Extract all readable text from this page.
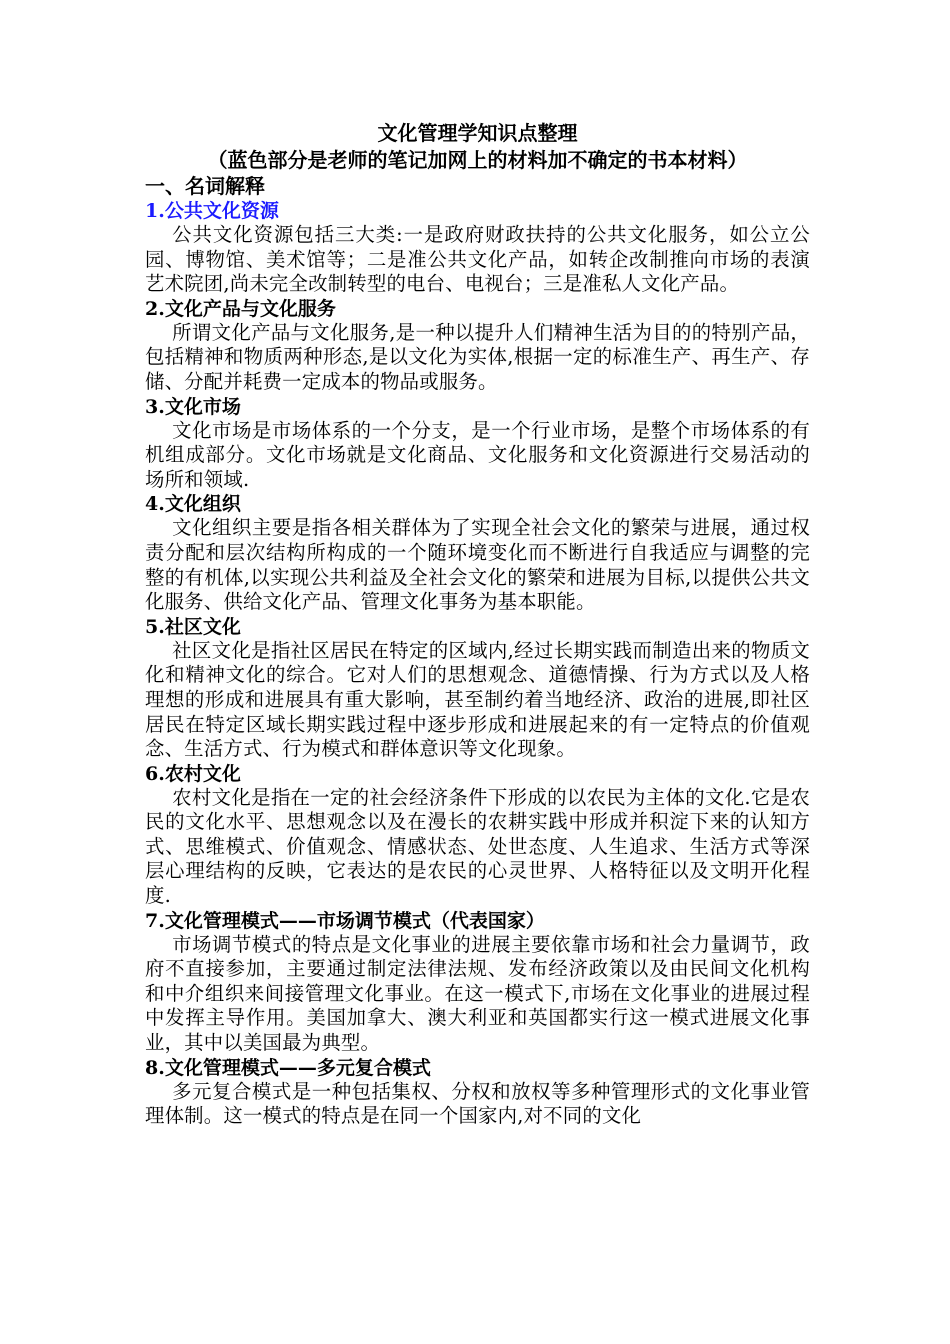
文化管理学知识点整理

（蓝色部分是老师的笔记加网上的材料加不确定的书本材料）

一、名词解释

1.公共文化资源

公共文化资源包括三大类:一是政府财政扶持的公共文化服务，如公立公园、博物馆、美术馆等；二是准公共文化产品，如转企改制推向市场的表演艺术院团,尚未完全改制转型的电台、电视台；三是准私人文化产品。

2.文化产品与文化服务

所谓文化产品与文化服务,是一种以提升人们精神生活为目的的特别产品，包括精神和物质两种形态,是以文化为实体,根据一定的标准生产、再生产、存储、分配并耗费一定成本的物品或服务。

3.文化市场

文化市场是市场体系的一个分支，是一个行业市场，是整个市场体系的有机组成部分。文化市场就是文化商品、文化服务和文化资源进行交易活动的场所和领域.

4.文化组织

文化组织主要是指各相关群体为了实现全社会文化的繁荣与进展，通过权责分配和层次结构所构成的一个随环境变化而不断进行自我适应与调整的完整的有机体,以实现公共利益及全社会文化的繁荣和进展为目标,以提供公共文化服务、供给文化产品、管理文化事务为基本职能。

5.社区文化

社区文化是指社区居民在特定的区域内,经过长期实践而制造出来的物质文化和精神文化的综合。它对人们的思想观念、道德情操、行为方式以及人格理想的形成和进展具有重大影响，甚至制约着当地经济、政治的进展,即社区居民在特定区域长期实践过程中逐步形成和进展起来的有一定特点的价值观念、生活方式、行为模式和群体意识等文化现象。

6.农村文化

农村文化是指在一定的社会经济条件下形成的以农民为主体的文化.它是农民的文化水平、思想观念以及在漫长的农耕实践中形成并积淀下来的认知方式、思维模式、价值观念、情感状态、处世态度、人生追求、生活方式等深层心理结构的反映，它表达的是农民的心灵世界、人格特征以及文明开化程度.

7.文化管理模式——市场调节模式（代表国家）

市场调节模式的特点是文化事业的进展主要依靠市场和社会力量调节，政府不直接参加，主要通过制定法律法规、发布经济政策以及由民间文化机构和中介组织来间接管理文化事业。在这一模式下,市场在文化事业的进展过程中发挥主导作用。美国加拿大、澳大利亚和英国都实行这一模式进展文化事业，其中以美国最为典型。

8.文化管理模式——多元复合模式

多元复合模式是一种包括集权、分权和放权等多种管理形式的文化事业管理体制。这一模式的特点是在同一个国家内,对不同的文化
